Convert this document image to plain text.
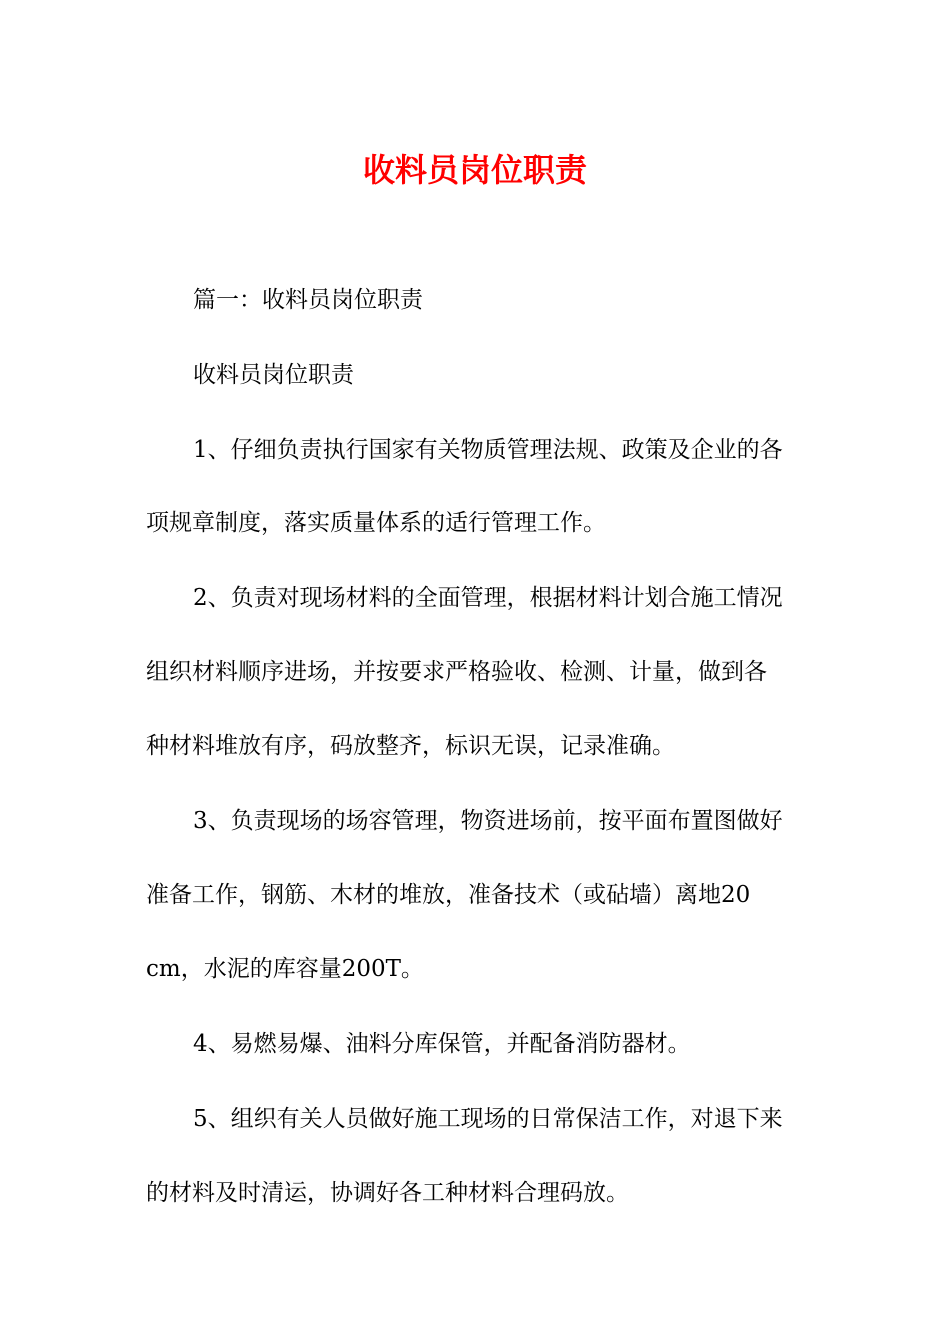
收料员岗位职责
篇一：收料员岗位职责
收料员岗位职责
1、仔细负责执行国家有关物质管理法规、政策及企业的各
项规章制度，落实质量体系的适行管理工作。
2、负责对现场材料的全面管理，根据材料计划合施工情况
组织材料顺序进场，并按要求严格验收、检测、计量，做到各
种材料堆放有序，码放整齐，标识无误，记录准确。
3、负责现场的场容管理，物资进场前，按平面布置图做好
准备工作，钢筋、木材的堆放，准备技术（或砧墙）离地20
cm，水泥的库容量200T。
4、易燃易爆、油料分库保管，并配备消防器材。
5、组织有关人员做好施工现场的日常保洁工作，对退下来
的材料及时清运，协调好各工种材料合理码放。
